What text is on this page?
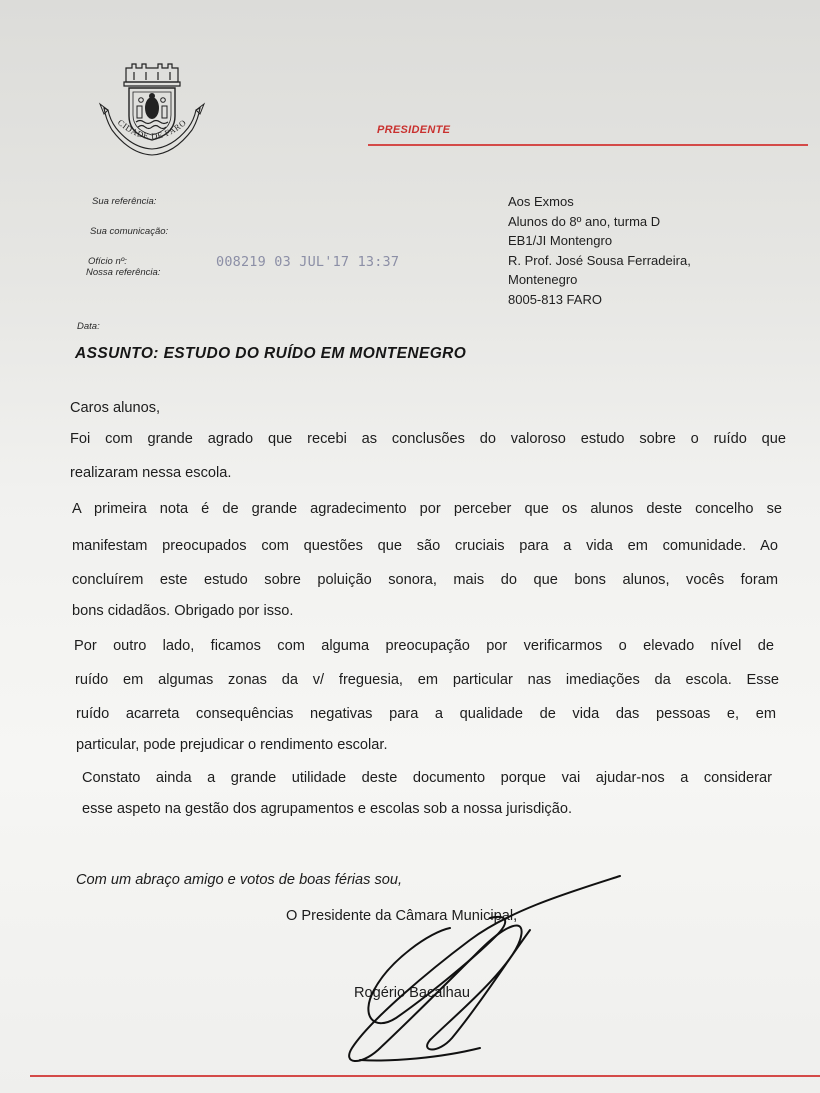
CIDADE DE FARO
PRESIDENTE
Sua referência:
Sua comunicação:
Ofício nº:
Nossa referência:
Data:
008219 03 JUL'17 13:37
Aos Exmos
Alunos do 8º ano, turma D
EB1/JI Montengro
R. Prof. José Sousa Ferradeira,
Montenegro
8005-813 FARO
ASSUNTO: ESTUDO DO RUÍDO EM MONTENEGRO
Caros alunos,
Foi com grande agrado que recebi as conclusões do valoroso estudo sobre o ruído que
realizaram nessa escola.
A primeira nota é de grande agradecimento por perceber que os alunos deste concelho se
manifestam preocupados com questões que são cruciais para a vida em comunidade. Ao
concluírem este estudo sobre poluição sonora, mais do que bons alunos, vocês foram
bons cidadãos. Obrigado por isso.
Por outro lado, ficamos com alguma preocupação por verificarmos o elevado nível de
ruído em algumas zonas da v/ freguesia, em particular nas imediações da escola. Esse
ruído acarreta consequências negativas para a qualidade de vida das pessoas e, em
particular, pode prejudicar o rendimento escolar.
Constato ainda a grande utilidade deste documento porque vai ajudar-nos a considerar
esse aspeto na gestão dos agrupamentos e escolas sob a nossa jurisdição.
Com um abraço amigo e votos de boas férias sou,
O Presidente da Câmara Municipal,
Rogério Bacalhau
